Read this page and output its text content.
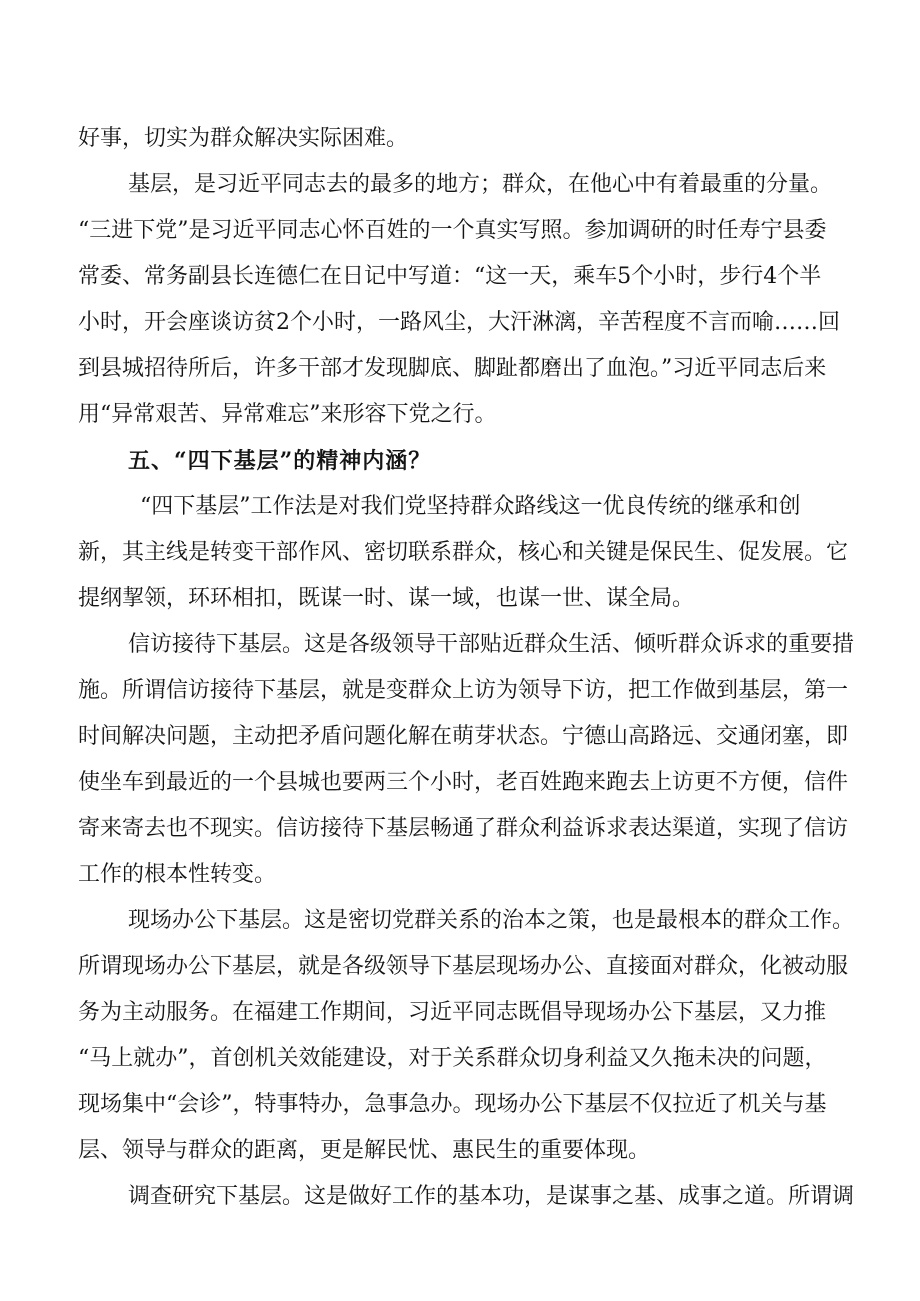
好事，切实为群众解决实际困难。
基层，是习近平同志去的最多的地方；群众，在他心中有着最重的分量。
“三进下党”是习近平同志心怀百姓的一个真实写照。参加调研的时任寿宁县委
常委、常务副县长连德仁在日记中写道：“这一天，乘车5个小时，步行4个半
小时，开会座谈访贫2个小时，一路风尘，大汗淋漓，辛苦程度不言而喻……回
到县城招待所后，许多干部才发现脚底、脚趾都磨出了血泡。”习近平同志后来
用“异常艰苦、异常难忘”来形容下党之行。
五、“四下基层”的精神内涵？
“四下基层”工作法是对我们党坚持群众路线这一优良传统的继承和创
新，其主线是转变干部作风、密切联系群众，核心和关键是保民生、促发展。它
提纲挈领，环环相扣，既谋一时、谋一域，也谋一世、谋全局。
信访接待下基层。这是各级领导干部贴近群众生活、倾听群众诉求的重要措
施。所谓信访接待下基层，就是变群众上访为领导下访，把工作做到基层，第一
时间解决问题，主动把矛盾问题化解在萌芽状态。宁德山高路远、交通闭塞，即
使坐车到最近的一个县城也要两三个小时，老百姓跑来跑去上访更不方便，信件
寄来寄去也不现实。信访接待下基层畅通了群众利益诉求表达渠道，实现了信访
工作的根本性转变。
现场办公下基层。这是密切党群关系的治本之策，也是最根本的群众工作。
所谓现场办公下基层，就是各级领导下基层现场办公、直接面对群众，化被动服
务为主动服务。在福建工作期间，习近平同志既倡导现场办公下基层，又力推
“马上就办”，首创机关效能建设，对于关系群众切身利益又久拖未决的问题，
现场集中“会诊”，特事特办，急事急办。现场办公下基层不仅拉近了机关与基
层、领导与群众的距离，更是解民忧、惠民生的重要体现。
调查研究下基层。这是做好工作的基本功，是谋事之基、成事之道。所谓调
